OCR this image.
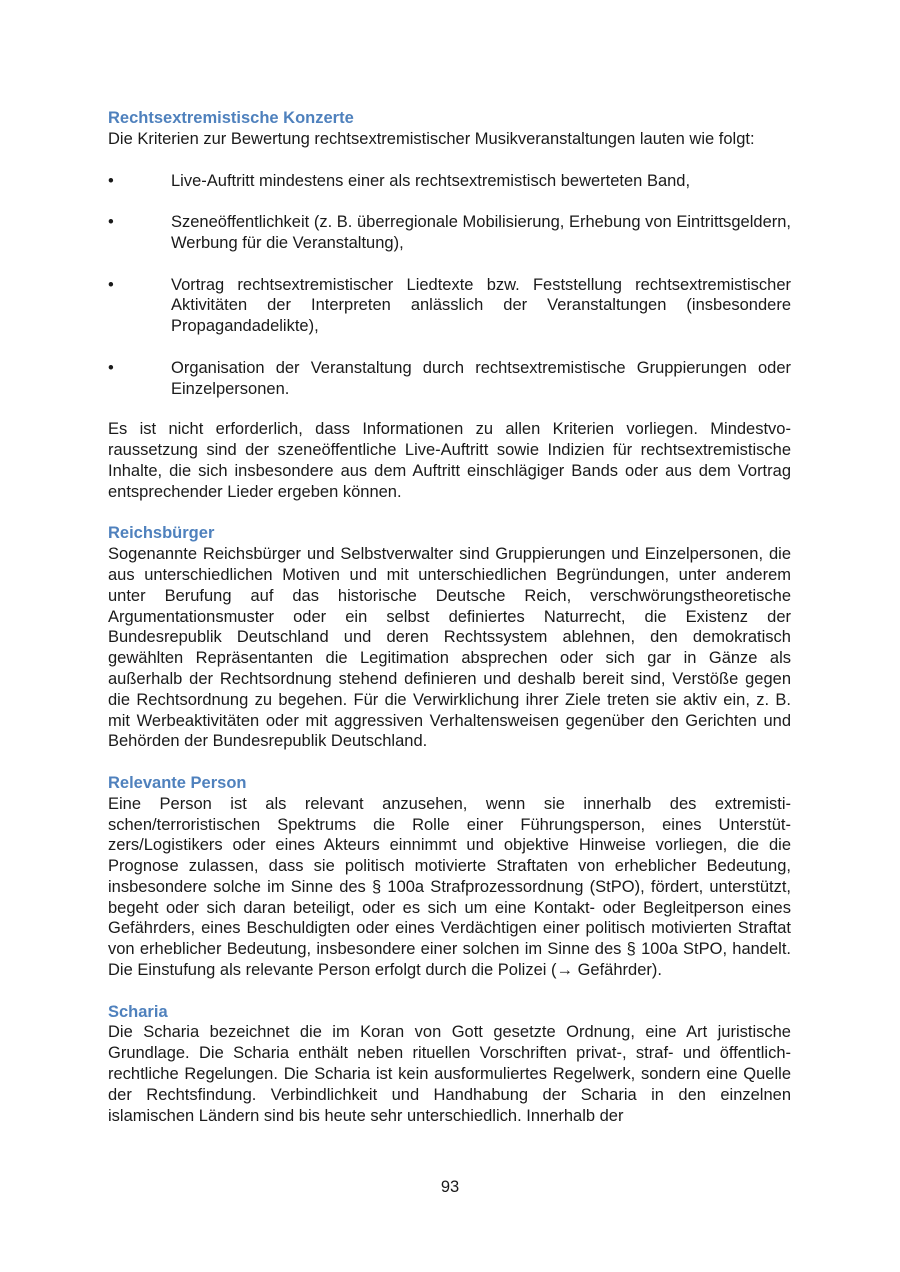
Rechtsextremistische Konzerte

Die Kriterien zur Bewertung rechtsextremistischer Musikveranstaltungen lauten wie folgt:

•	Live-Auftritt mindestens einer als rechtsextremistisch bewerteten Band,
•	Szeneöffentlichkeit (z. B. überregionale Mobilisierung, Erhebung von Eintrittsgeldern, Werbung für die Veranstaltung),
•	Vortrag rechtsextremistischer Liedtexte bzw. Feststellung rechtsextremistischer Aktivitäten der Interpreten anlässlich der Veranstaltungen (insbesondere Propagandadelikte),
•	Organisation der Veranstaltung durch rechtsextremistische Gruppierungen oder Einzelpersonen.

Es ist nicht erforderlich, dass Informationen zu allen Kriterien vorliegen. Mindestvoraussetzung sind der szeneöffentliche Live-Auftritt sowie Indizien für rechtsextremistische Inhalte, die sich insbesondere aus dem Auftritt einschlägiger Bands oder aus dem Vortrag entsprechender Lieder ergeben können.

Reichsbürger

Sogenannte Reichsbürger und Selbstverwalter sind Gruppierungen und Einzelpersonen, die aus unterschiedlichen Motiven und mit unterschiedlichen Begründungen, unter anderem unter Berufung auf das historische Deutsche Reich, verschwörungstheoretische Argumentationsmuster oder ein selbst definiertes Naturrecht, die Existenz der Bundesrepublik Deutschland und deren Rechtssystem ablehnen, den demokratisch gewählten Repräsentanten die Legitimation absprechen oder sich gar in Gänze als außerhalb der Rechtsordnung stehend definieren und deshalb bereit sind, Verstöße gegen die Rechtsordnung zu begehen. Für die Verwirklichung ihrer Ziele treten sie aktiv ein, z. B. mit Werbeaktivitäten oder mit aggressiven Verhaltensweisen gegenüber den Gerichten und Behörden der Bundesrepublik Deutschland.

Relevante Person

Eine Person ist als relevant anzusehen, wenn sie innerhalb des extremistischen/terroristischen Spektrums die Rolle einer Führungsperson, eines Unterstützers/Logistikers oder eines Akteurs einnimmt und objektive Hinweise vorliegen, die die Prognose zulassen, dass sie politisch motivierte Straftaten von erheblicher Bedeutung, insbesondere solche im Sinne des § 100a Strafprozessordnung (StPO), fördert, unterstützt, begeht oder sich daran beteiligt, oder es sich um eine Kontakt- oder Begleitperson eines Gefährders, eines Beschuldigten oder eines Verdächtigen einer politisch motivierten Straftat von erheblicher Bedeutung, insbesondere einer solchen im Sinne des § 100a StPO, handelt. Die Einstufung als relevante Person erfolgt durch die Polizei (→ Gefährder).

Scharia

Die Scharia bezeichnet die im Koran von Gott gesetzte Ordnung, eine Art juristische Grundlage. Die Scharia enthält neben rituellen Vorschriften privat-, straf- und öffentlich-rechtliche Regelungen. Die Scharia ist kein ausformuliertes Regelwerk, sondern eine Quelle der Rechtsfindung. Verbindlichkeit und Handhabung der Scharia in den einzelnen islamischen Ländern sind bis heute sehr unterschiedlich. Innerhalb der

93
